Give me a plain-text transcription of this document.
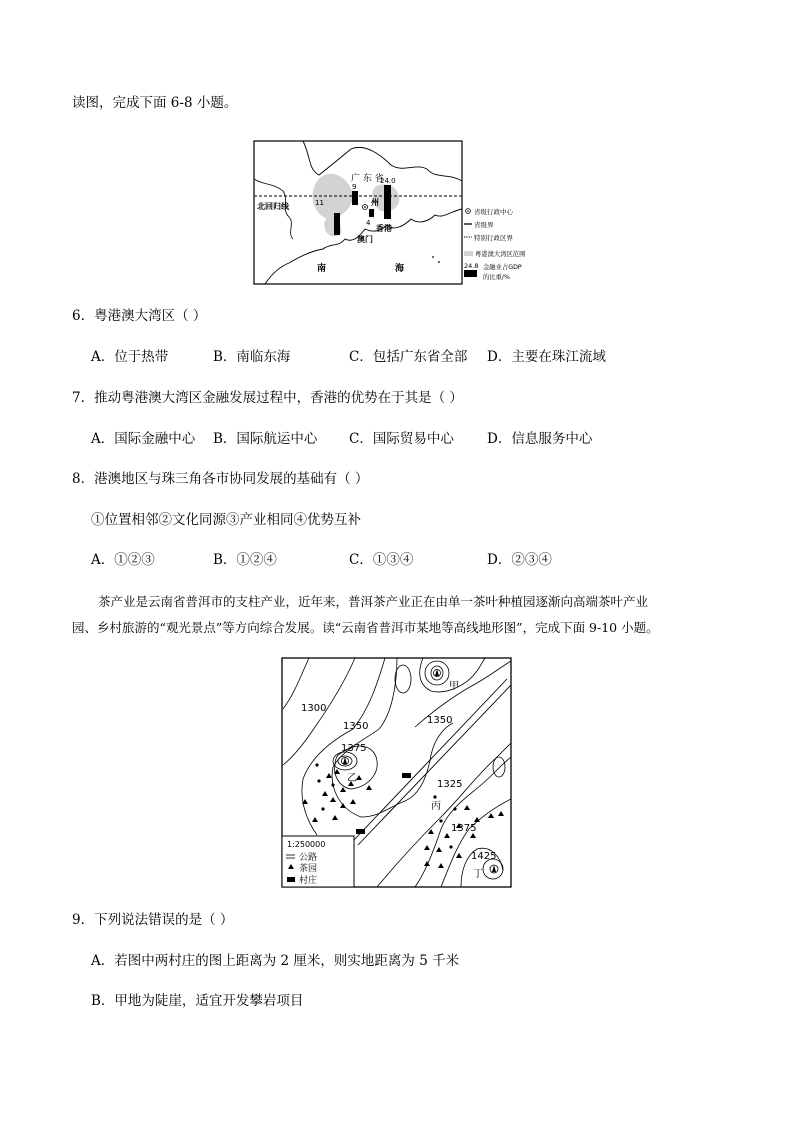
读图，完成下面 6-8 小题。
广 东 省
北回归线
9
24.0
11
4
州
香港
澳门
南	海
省级行政中心
省级界
特别行政区界
粤港澳大湾区范围
24.8 金融业占GDP
的比重/%
6．粤港澳大湾区（ ）
A．位于热带	B．南临东海	C．包括广东省全部 D．主要在珠江流域
7．推动粤港澳大湾区金融发展过程中，香港的优势在于其是（ ）
A．国际金融中心 B．国际航运中心 C．国际贸易中心 D．信息服务中心
8．港澳地区与珠三角各市协同发展的基础有（ ）
①位置相邻②文化同源③产业相同④优势互补
A．①②③	B．①②④	C．①③④	D．②③④
茶产业是云南省普洱市的支柱产业，近年来，普洱茶产业正在由单一茶叶种植园逐渐向高端茶叶产业
园、乡村旅游的“观光景点”等方向综合发展。读“云南省普洱市某地等高线地形图”，完成下面 9-10 小题。
1300
1350
1350
1375
1325
1375
1425
甲
乙
丙
丁
1:250000
公路
茶园
村庄
9．下列说法错误的是（ ）
A．若图中两村庄的图上距离为 2 厘米，则实地距离为 5 千米
B．甲地为陡崖，适宜开发攀岩项目
